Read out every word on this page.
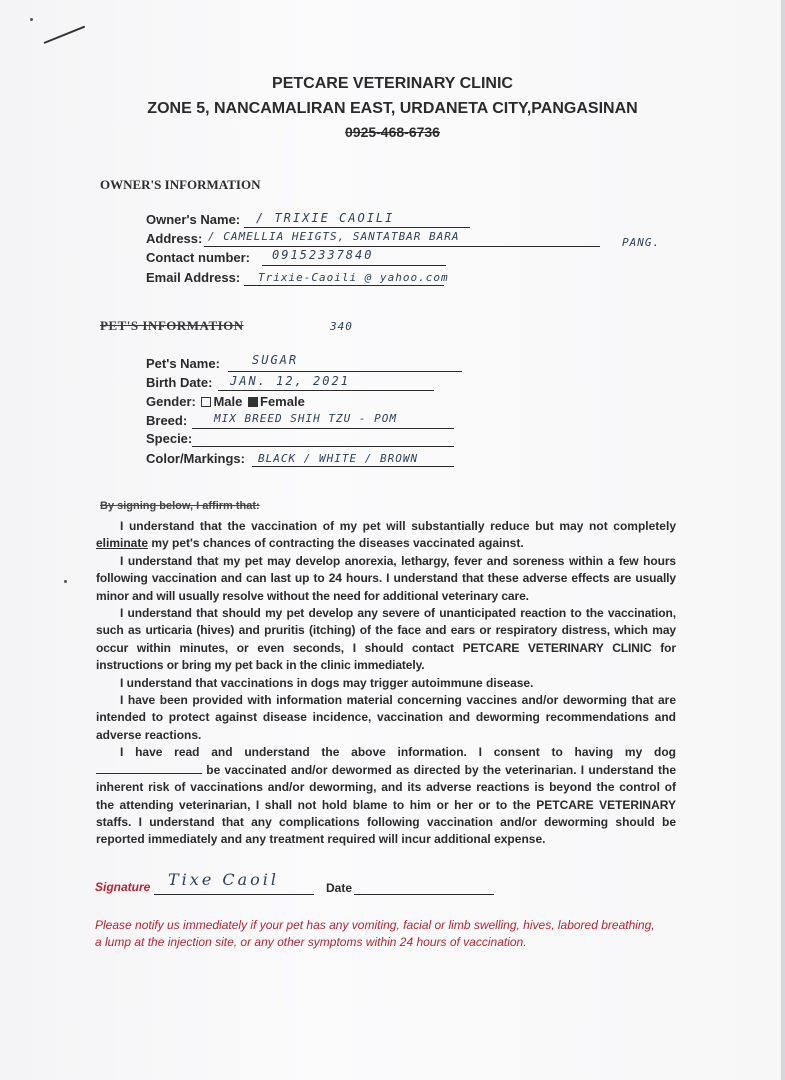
PETCARE VETERINARY CLINIC
ZONE 5, NANCAMALIRAN EAST, URDANETA CITY,PANGASINAN
0925-468-6736
OWNER'S INFORMATION
Owner's Name: / TRIXIE CAOILI
Address: / CAMELLIA HEIGTS, SANTATBAR BARA	PANG.
Contact number: 09152337840
Email Address: Trixie-Caoili @ yahoo.com
PET'S INFORMATION	340
Pet's Name:	SUGAR
Birth Date: JAN. 12, 2021
Gender: Male Female
Breed: MIX BREED SHIH TZU - POM
Specie:
Color/Markings: BLACK / WHITE / BROWN
By signing below, I affirm that:

I understand that the vaccination of my pet will substantially reduce but may not completely eliminate my pet's chances of contracting the diseases vaccinated against.

I understand that my pet may develop anorexia, lethargy, fever and soreness within a few hours following vaccination and can last up to 24 hours. I understand that these adverse effects are usually minor and will usually resolve without the need for additional veterinary care.

I understand that should my pet develop any severe of unanticipated reaction to the vaccination, such as urticaria (hives) and pruritis (itching) of the face and ears or respiratory distress, which may occur within minutes, or even seconds, I should contact PETCARE VETERINARY CLINIC for instructions or bring my pet back in the clinic immediately.

I understand that vaccinations in dogs may trigger autoimmune disease.

I have been provided with information material concerning vaccines and/or deworming that are intended to protect against disease incidence, vaccination and deworming recommendations and adverse reactions.

I have read and understand the above information. I consent to having my dog  be vaccinated and/or dewormed as directed by the veterinarian. I understand the inherent risk of vaccinations and/or deworming, and its adverse reactions is beyond the control of the attending veterinarian, I shall not hold blame to him or her or to the PETCARE VETERINARY staffs. I understand that any complications following vaccination and/or deworming should be reported immediately and any treatment required will incur additional expense.

Signature Tixe Caoil	Date
Please notify us immediately if your pet has any vomiting, facial or limb swelling, hives, labored breathing, a lump at the injection site, or any other symptoms within 24 hours of vaccination.
